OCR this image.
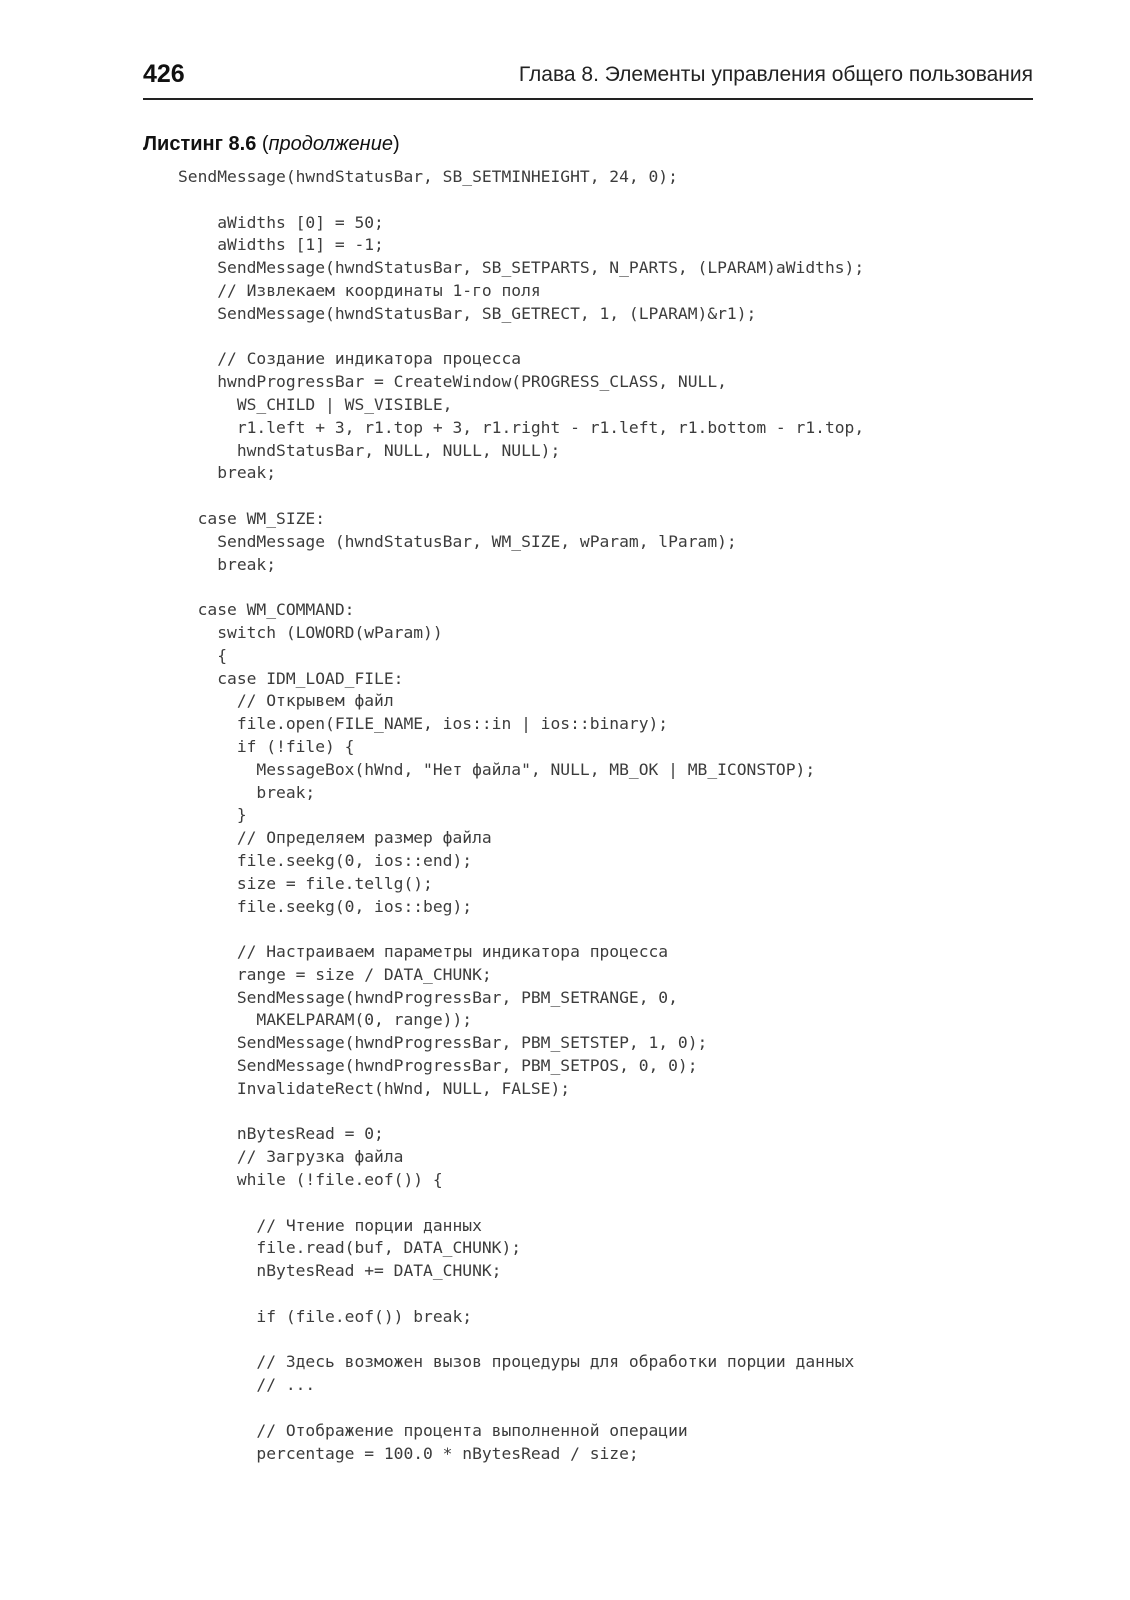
426	Глава 8. Элементы управления общего пользования
Листинг 8.6 (продолжение)
SendMessage(hwndStatusBar, SB_SETMINHEIGHT, 24, 0);
aWidths [0] = 50;
aWidths [1] = -1;
SendMessage(hwndStatusBar, SB_SETPARTS, N_PARTS, (LPARAM)aWidths);
// Извлекаем координаты 1-го поля
SendMessage(hwndStatusBar, SB_GETRECT, 1, (LPARAM)&r1);
// Создание индикатора процесса
hwndProgressBar = CreateWindow(PROGRESS_CLASS, NULL,
WS_CHILD | WS_VISIBLE,
r1.left + 3, r1.top + 3, r1.right - r1.left, r1.bottom - r1.top,
hwndStatusBar, NULL, NULL, NULL);
break;
case WM_SIZE:
SendMessage (hwndStatusBar, WM_SIZE, wParam, lParam);
break;
case WM_COMMAND:
switch (LOWORD(wParam))
{
case IDM_LOAD_FILE:
// Открывем файл
file.open(FILE_NAME, ios::in | ios::binary);
if (!file) {
MessageBox(hWnd, "Нет файла", NULL, MB_OK | MB_ICONSTOP);
break;
}
// Определяем размер файла
file.seekg(0, ios::end);
size = file.tellg();
file.seekg(0, ios::beg);
// Настраиваем параметры индикатора процесса
range = size / DATA_CHUNK;
SendMessage(hwndProgressBar, PBM_SETRANGE, 0,
MAKELPARAM(0, range));
SendMessage(hwndProgressBar, PBM_SETSTEP, 1, 0);
SendMessage(hwndProgressBar, PBM_SETPOS, 0, 0);
InvalidateRect(hWnd, NULL, FALSE);
nBytesRead = 0;
// Загрузка файла
while (!file.eof()) {
// Чтение порции данных
file.read(buf, DATA_CHUNK);
nBytesRead += DATA_CHUNK;
if (file.eof()) break;
// Здесь возможен вызов процедуры для обработки порции данных
// ...
// Отображение процента выполненной операции
percentage = 100.0 * nBytesRead / size;
